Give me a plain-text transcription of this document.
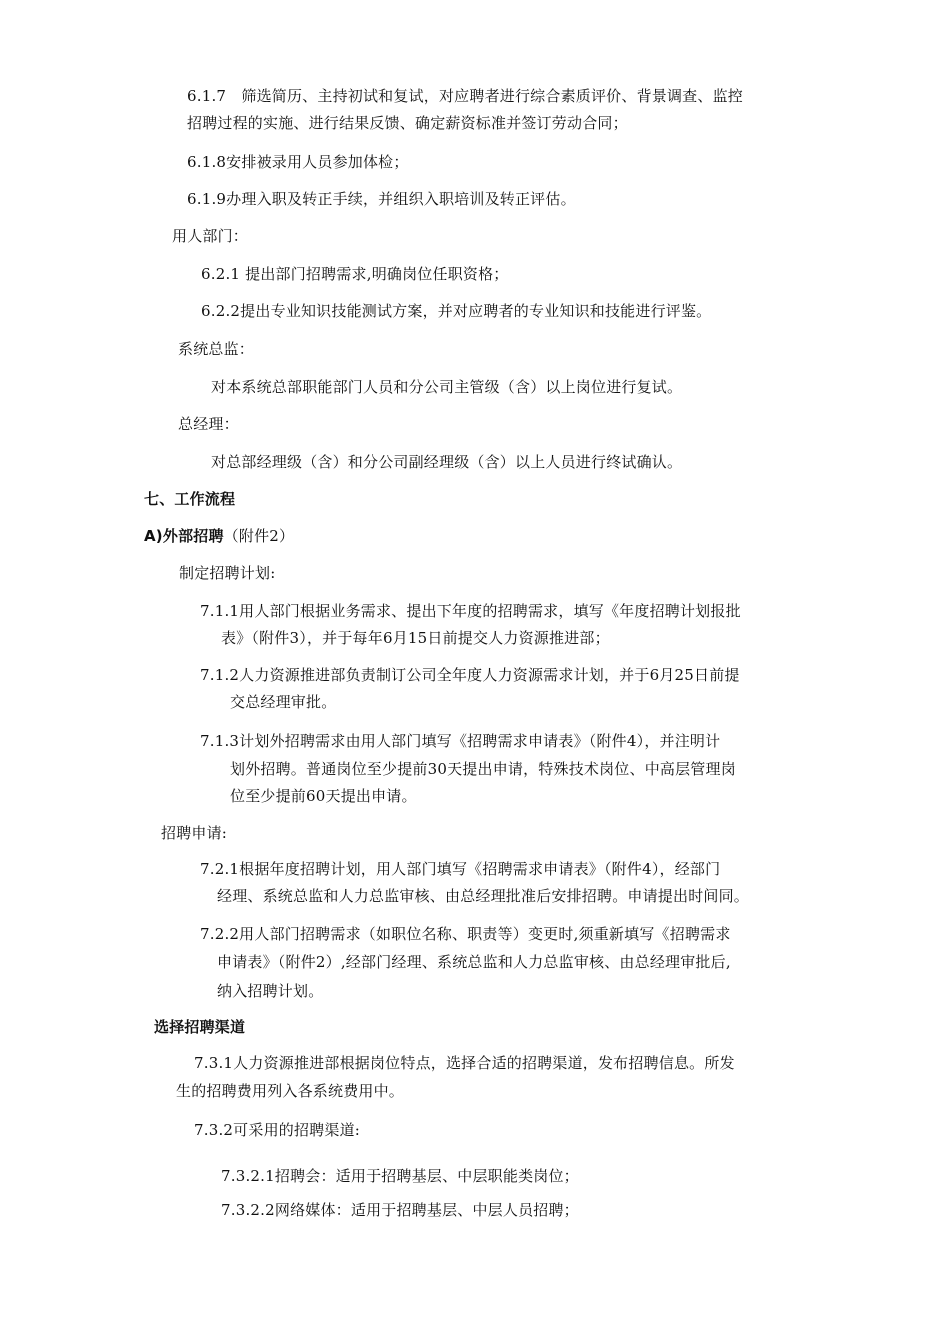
6.1.7　筛选简历、主持初试和复试，对应聘者进行综合素质评价、背景调查、监控
招聘过程的实施、进行结果反馈、确定薪资标准并签订劳动合同；
6.1.8安排被录用人员参加体检；
6.1.9办理入职及转正手续，并组织入职培训及转正评估。
用人部门：
6.2.1 提出部门招聘需求,明确岗位任职资格；
6.2.2提出专业知识技能测试方案，并对应聘者的专业知识和技能进行评鉴。
系统总监：
对本系统总部职能部门人员和分公司主管级（含）以上岗位进行复试。
总经理：
对总部经理级（含）和分公司副经理级（含）以上人员进行终试确认。
七、工作流程
A)外部招聘（附件2）
制定招聘计划:
7.1.1用人部门根据业务需求、提出下年度的招聘需求，填写《年度招聘计划报批
表》（附件3），并于每年6月15日前提交人力资源推进部；
7.1.2人力资源推进部负责制订公司全年度人力资源需求计划，并于6月25日前提
交总经理审批。
7.1.3计划外招聘需求由用人部门填写《招聘需求申请表》（附件4），并注明计
划外招聘。普通岗位至少提前30天提出申请，特殊技术岗位、中高层管理岗
位至少提前60天提出申请。
招聘申请:
7.2.1根据年度招聘计划，用人部门填写《招聘需求申请表》（附件4），经部门
经理、系统总监和人力总监审核、由总经理批准后安排招聘。申请提出时间同。
7.2.2用人部门招聘需求（如职位名称、职责等）变更时,须重新填写《招聘需求
申请表》（附件2）,经部门经理、系统总监和人力总监审核、由总经理审批后,
纳入招聘计划。
选择招聘渠道
7.3.1人力资源推进部根据岗位特点，选择合适的招聘渠道，发布招聘信息。所发
生的招聘费用列入各系统费用中。
7.3.2可采用的招聘渠道:
7.3.2.1招聘会：适用于招聘基层、中层职能类岗位；
7.3.2.2网络媒体：适用于招聘基层、中层人员招聘；
